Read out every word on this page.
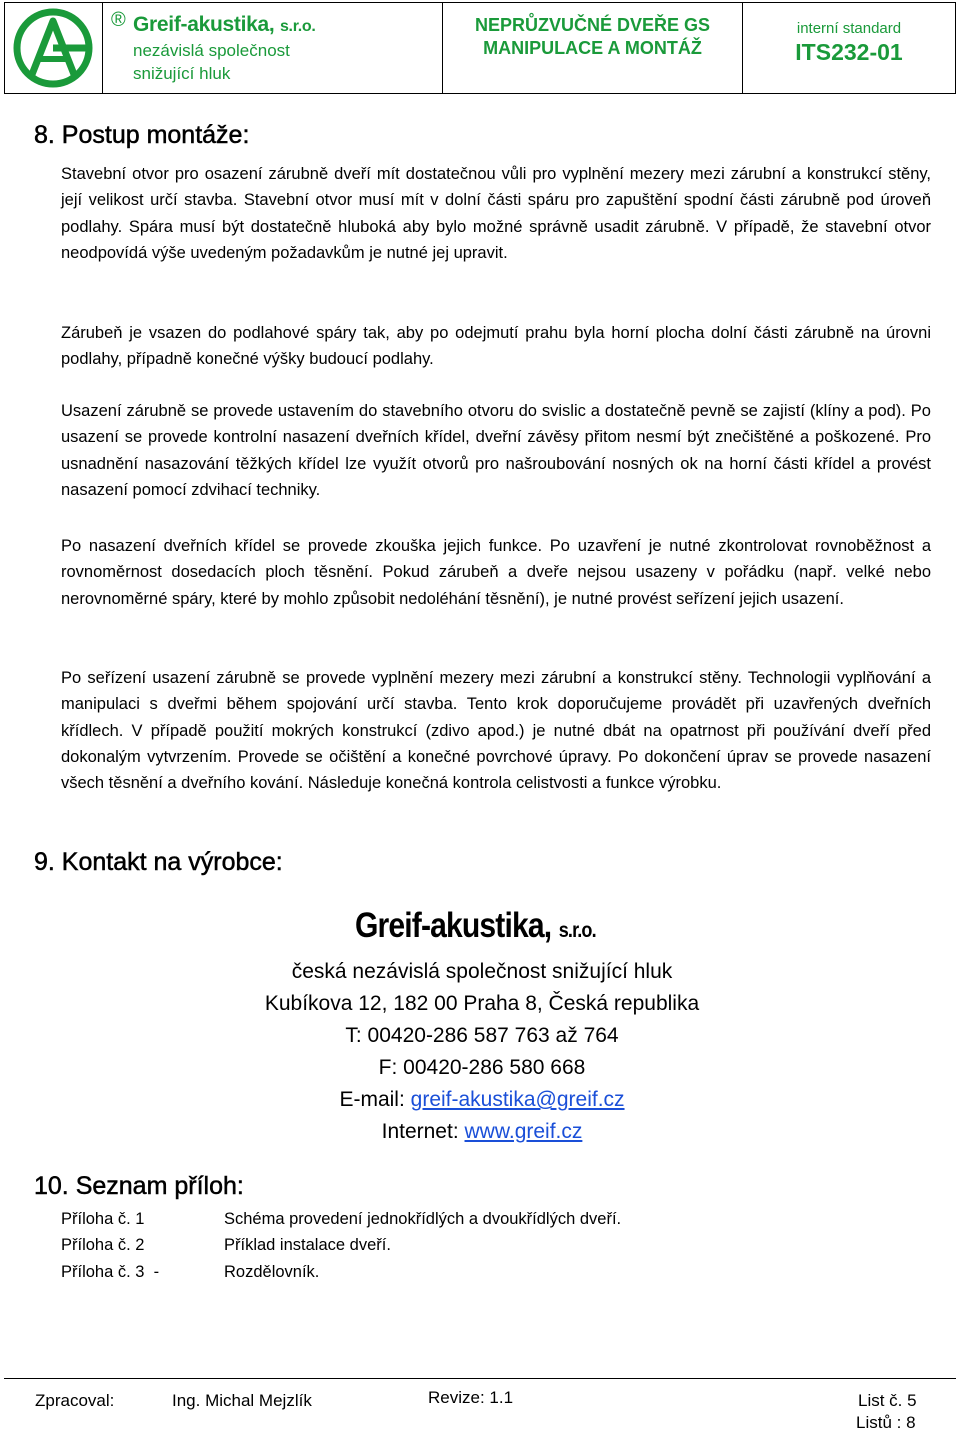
® Greif-akustika, s.r.o.
nezávislá společnost
snižující hluk
NEPRŮZVUČNÉ DVEŘE GS
MANIPULACE A MONTÁŽ
interní standard
ITS232-01
8. Postup montáže:

Stavební otvor pro osazení zárubně dveří mít dostatečnou vůli pro vyplnění mezery mezi zárubní a konstrukcí stěny, její velikost určí stavba. Stavební otvor musí mít v dolní části spáru pro zapuštění spodní části zárubně pod úroveň podlahy. Spára musí být dostatečně hluboká aby bylo možné správně usadit zárubně. V případě, že stavební otvor neodpovídá výše uvedeným požadavkům je nutné jej upravit.

Zárubeň je vsazen do podlahové spáry tak, aby po odejmutí prahu byla horní plocha dolní části zárubně na úrovni podlahy, případně konečné výšky budoucí podlahy.

Usazení zárubně se provede ustavením do stavebního otvoru do svislic a dostatečně pevně se zajistí (klíny a pod). Po usazení se provede kontrolní nasazení dveřních křídel, dveřní závěsy přitom nesmí být znečištěné a poškozené. Pro usnadnění nasazování těžkých křídel lze využít otvorů pro našroubování nosných ok na horní části křídel a provést nasazení pomocí zdvihací techniky.

Po nasazení dveřních křídel se provede zkouška jejich funkce. Po uzavření je nutné zkontrolovat rovnoběžnost a rovnoměrnost dosedacích ploch těsnění. Pokud zárubeň a dveře nejsou usazeny v pořádku (např. velké nebo nerovnoměrné spáry, které by mohlo způsobit nedoléhání těsnění), je nutné provést seřízení jejich usazení.

Po seřízení usazení zárubně se provede vyplnění mezery mezi zárubní a konstrukcí stěny. Technologii vyplňování a manipulaci s dveřmi během spojování určí stavba. Tento krok doporučujeme provádět při uzavřených dveřních křídlech. V případě použití mokrých konstrukcí (zdivo apod.) je nutné dbát na opatrnost při používání dveří před dokonalým vytvrzením. Provede se očištění a konečné povrchové úpravy. Po dokončení úprav se provede nasazení všech těsnění a dveřního kování. Následuje konečná kontrola celistvosti a funkce výrobku.

9. Kontakt na výrobce:
Greif-akustika, s.r.o.
česká nezávislá společnost snižující hluk
Kubíkova 12, 182 00 Praha 8, Česká republika
T: 00420-286 587 763 až 764
F: 00420-286 580 668
E-mail: greif-akustika@greif.cz
Internet: www.greif.cz
10. Seznam příloh:
Příloha č. 1	Schéma provedení jednokřídlých a dvoukřídlých dveří.
Příloha č. 2	Příklad instalace dveří.
Příloha č. 3  -	Rozdělovník.
Zpracoval:	Ing. Michal Mejzlík	Revize: 1.1	List č. 5
Listů : 8
